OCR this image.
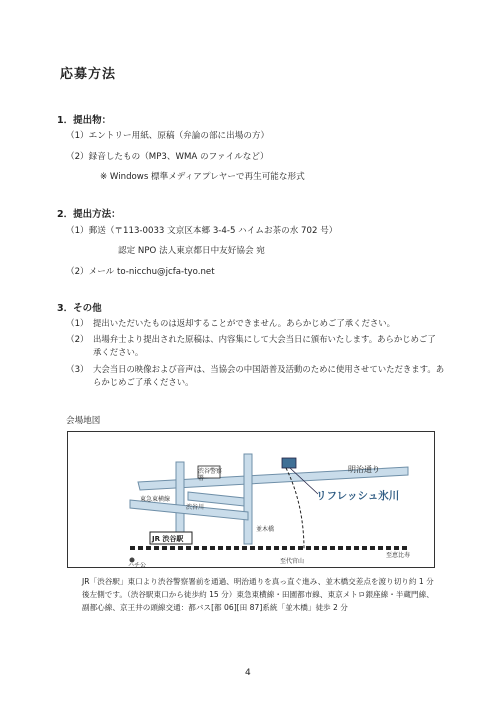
応募方法
1．提出物：
（1）エントリー用紙、原稿（弁論の部に出場の方）
（2）録音したもの（MP3、WMA のファイルなど）
※ Windows 標準メディアプレヤーで再生可能な形式
2．提出方法：
（1）郵送（〒113-0033 文京区本郷 3-4-5 ハイムお茶の水 702 号）
認定 NPO 法人東京都日中友好協会 宛
（2）メール to-nicchu@jcfa-tyo.net
3．その他
（1） 提出いただいたものは返却することができません。あらかじめご了承ください。
（2） 出場弁士より提出された原稿は、内容集にして大会当日に頒布いたします。あらかじめご了承ください。
（3） 大会当日の映像および音声は、当協会の中国語普及活動のために使用させていただきます。あらかじめご了承ください。
会場地図
渋谷警察署
明治通り
リフレッシュ氷川
東急東横線
JR 渋谷駅
ハチ公
並木橋
至恵比寿
至代官山
渋谷川
JR「渋谷駅」東口より渋谷警察署前を通過、明治通りを真っ直ぐ進み、並木橋交差点を渡り切り約 1 分後左側です。（渋谷駅東口から徒歩約 15 分）東急東横線・田園都市線、東京メトロ銀座線・半蔵門線、副都心線、京王井の頭線交通：都バス[都 06][田 87]系統「並木橋」徒歩 2 分
4
